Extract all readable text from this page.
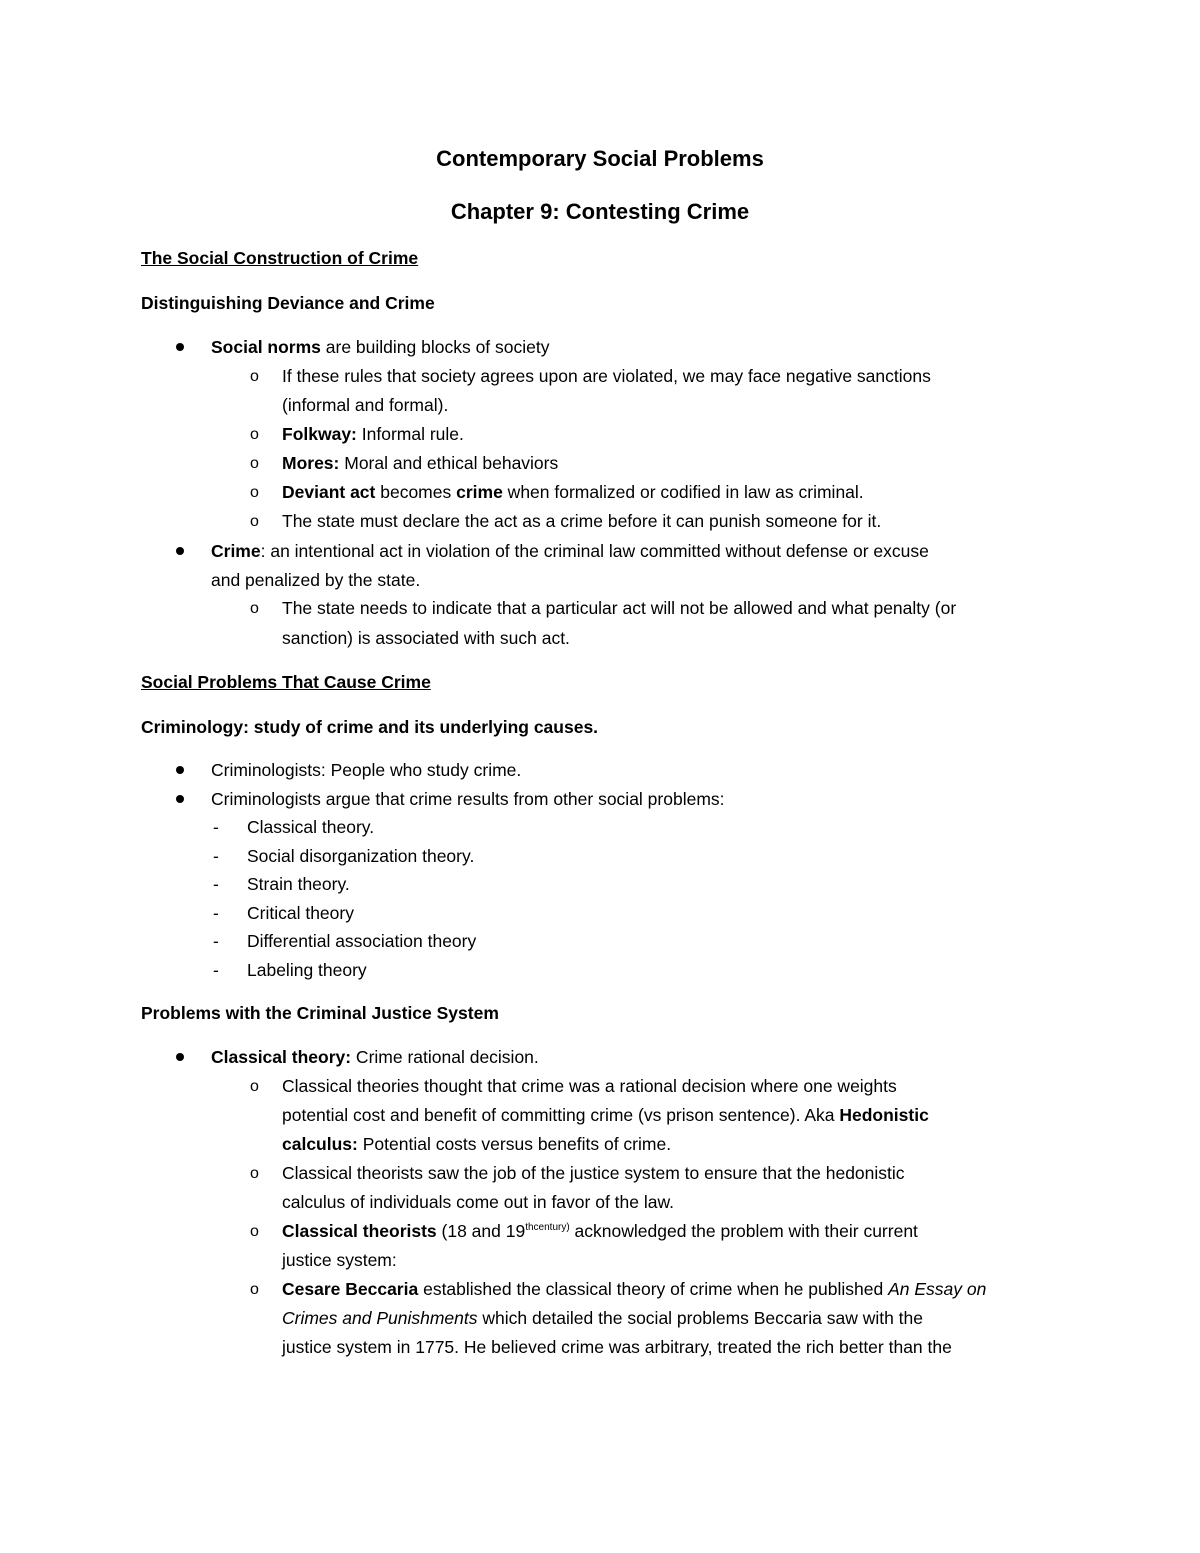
Contemporary Social Problems
Chapter 9: Contesting Crime
The Social Construction of Crime
Distinguishing Deviance and Crime
Social norms are building blocks of society
o If these rules that society agrees upon are violated, we may face negative sanctions
(informal and formal).
o Folkway: Informal rule.
o Mores: Moral and ethical behaviors
o Deviant act becomes crime when formalized or codified in law as criminal.
o The state must declare the act as a crime before it can punish someone for it.
Crime: an intentional act in violation of the criminal law committed without defense or excuse
and penalized by the state.
o The state needs to indicate that a particular act will not be allowed and what penalty (or
sanction) is associated with such act.
Social Problems That Cause Crime
Criminology: study of crime and its underlying causes.
Criminologists: People who study crime.
Criminologists argue that crime results from other social problems:
- Classical theory.
- Social disorganization theory.
- Strain theory.
- Critical theory
- Differential association theory
- Labeling theory
Problems with the Criminal Justice System
Classical theory: Crime rational decision.
o Classical theories thought that crime was a rational decision where one weights
potential cost and benefit of committing crime (vs prison sentence). Aka Hedonistic
calculus: Potential costs versus benefits of crime.
o Classical theorists saw the job of the justice system to ensure that the hedonistic
calculus of individuals come out in favor of the law.
o Classical theorists (18 and $19^{thcentury)}$ acknowledged the problem with their current
justice system:
o Cesare Beccaria established the classical theory of crime when he published An Essay on
Crimes and Punishments which detailed the social problems Beccaria saw with the
justice system in 1775. He believed crime was arbitrary, treated the rich better than the
